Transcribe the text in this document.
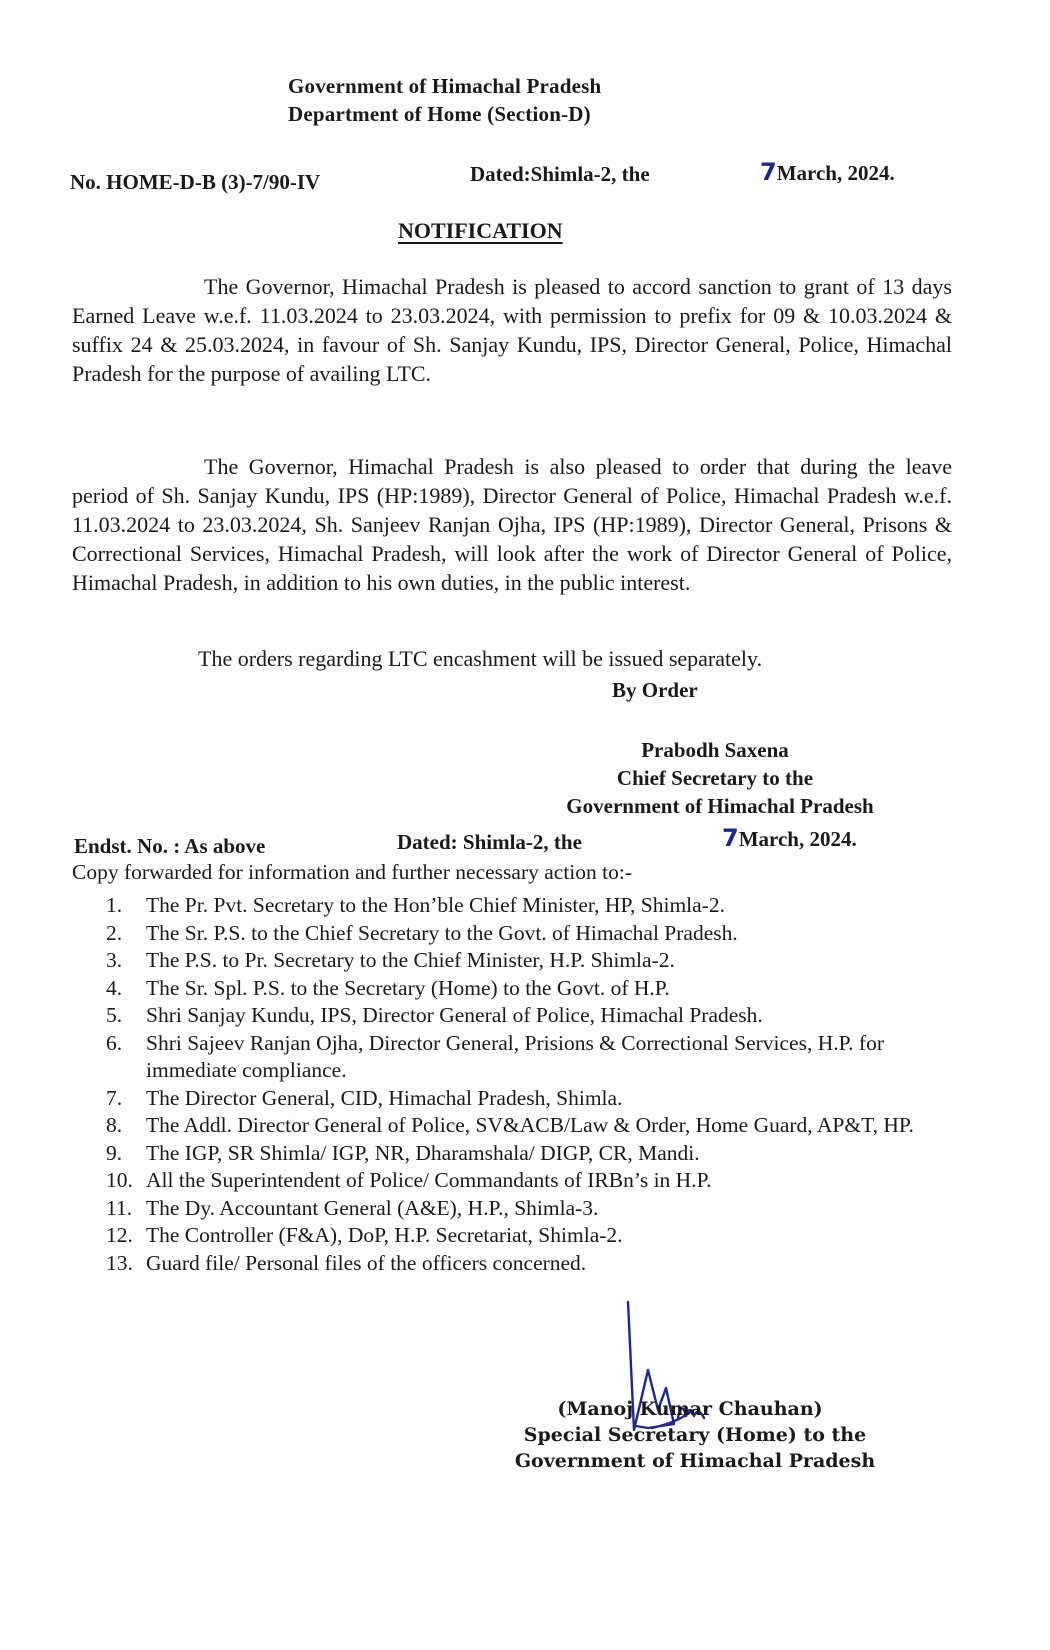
Government of Himachal Pradesh
Department of Home (Section-D)
No. HOME-D-B (3)-7/90-IV	Dated:Shimla-2, the	7March, 2024.
NOTIFICATION
The Governor, Himachal Pradesh is pleased to accord sanction to grant of 13 days Earned Leave w.e.f. 11.03.2024 to 23.03.2024, with permission to prefix for 09 & 10.03.2024 & suffix 24 & 25.03.2024, in favour of Sh. Sanjay Kundu, IPS, Director General, Police, Himachal Pradesh for the purpose of availing LTC.
The Governor, Himachal Pradesh is also pleased to order that during the leave period of Sh. Sanjay Kundu, IPS (HP:1989), Director General of Police, Himachal Pradesh w.e.f. 11.03.2024 to 23.03.2024, Sh. Sanjeev Ranjan Ojha, IPS (HP:1989), Director General, Prisons & Correctional Services, Himachal Pradesh, will look after the work of Director General of Police, Himachal Pradesh, in addition to his own duties, in the public interest.
The orders regarding LTC encashment will be issued separately.
By Order
Prabodh Saxena
Chief Secretary to the
Government of Himachal Pradesh
Endst. No. : As above	Dated: Shimla-2, the	7March, 2024.
Copy forwarded for information and further necessary action to:-
1.	The Pr. Pvt. Secretary to the Hon’ble Chief Minister, HP, Shimla-2.
2.	The Sr. P.S. to the Chief Secretary to the Govt. of Himachal Pradesh.
3.	The P.S. to Pr. Secretary to the Chief Minister, H.P. Shimla-2.
4.	The Sr. Spl. P.S. to the Secretary (Home) to the Govt. of H.P.
5.	Shri Sanjay Kundu, IPS, Director General of Police, Himachal Pradesh.
6.	Shri Sajeev Ranjan Ojha, Director General, Prisions & Correctional Services, H.P. for immediate compliance.
7.	The Director General, CID, Himachal Pradesh, Shimla.
8.	The Addl. Director General of Police, SV&ACB/Law & Order, Home Guard, AP&T, HP.
9.	The IGP, SR Shimla/ IGP, NR, Dharamshala/ DIGP, CR, Mandi.
10. All the Superintendent of Police/ Commandants of IRBn’s in H.P.
11. The Dy. Accountant General (A&E), H.P., Shimla-3.
12. The Controller (F&A), DoP, H.P. Secretariat, Shimla-2.
13. Guard file/ Personal files of the officers concerned.
(Manoj Kumar Chauhan)
Special Secretary (Home) to the
Government of Himachal Pradesh
